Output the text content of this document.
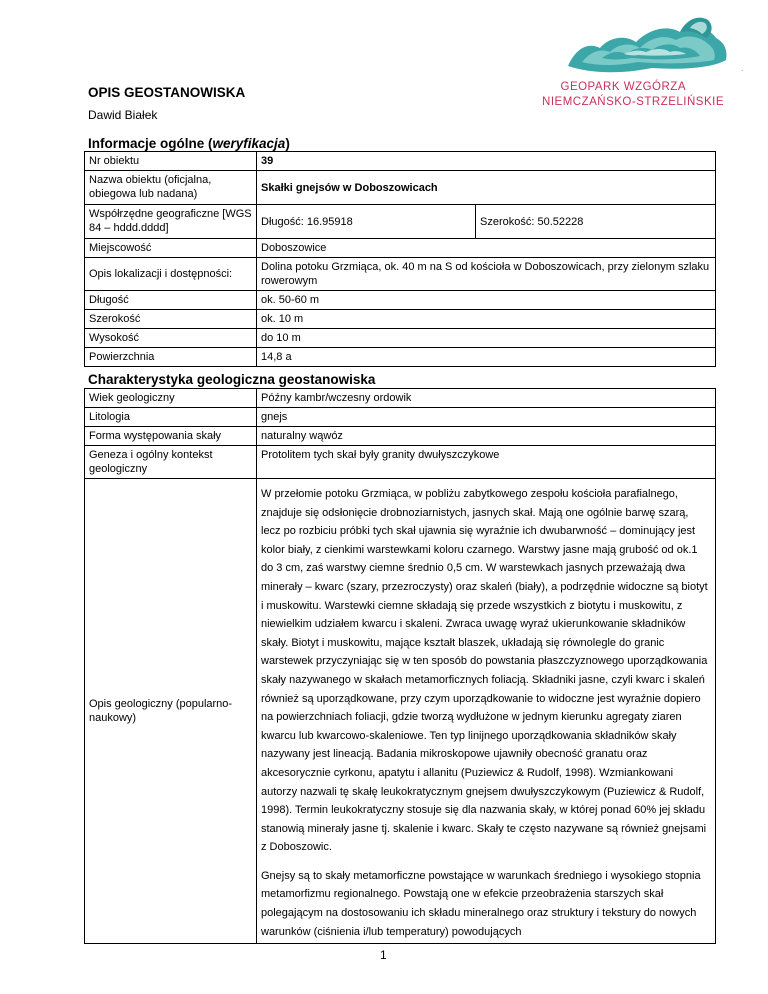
GEOPARK WZGÓRZA
NIEMCZAŃSKO-STRZELIŃSKIE
.
OPIS GEOSTANOWISKA
Dawid Białek
Informacje ogólne (weryfikacja)
Nr obiektu	39	
Nazwa obiektu (oficjalna, obiegowa lub nadana)	Skałki gnejsów w Doboszowicach	
Współrzędne geograficzne [WGS 84 – hddd.dddd]	Długość: 16.95918	Szerokość: 50.52228
Miejscowość	Doboszowice	
Opis lokalizacji i dostępności:	Dolina potoku Grzmiąca, ok. 40 m na S od kościoła w Doboszowicach, przy zielonym szlaku rowerowym	
Długość	ok. 50-60 m	
Szerokość	ok. 10 m	
Wysokość	do 10 m	
Powierzchnia	14,8 a	
Charakterystyka geologiczna geostanowiska
Wiek geologiczny	Późny kambr/wczesny ordowik
Litologia	gnejs
Forma występowania skały	naturalny wąwóz
Geneza i ogólny kontekst geologiczny	Protolitem tych skał były granity dwułyszczykowe
Opis geologiczny (popularno-naukowy)	W przełomie potoku Grzmiąca, w pobliżu zabytkowego zespołu kościoła parafialnego, znajduje się odsłonięcie drobnoziarnistych, jasnych skał. Mają one ogólnie barwę szarą, lecz po rozbiciu próbki tych skał ujawnia się wyraźnie ich dwubarwność – dominujący jest kolor biały, z cienkimi warstewkami koloru czarnego. Warstwy jasne mają grubość od ok.1 do 3 cm, zaś warstwy ciemne średnio 0,5 cm. W warstewkach jasnych przeważają dwa minerały – kwarc (szary, przezroczysty) oraz skaleń (biały), a podrzędnie widoczne są biotyt i muskowitu. Warstewki ciemne składają się przede wszystkich z biotytu i muskowitu, z niewielkim udziałem kwarcu i skaleni. Zwraca uwagę wyraź ukierunkowanie składników skały. Biotyt i muskowitu, mające kształt blaszek, układają się równolegle do granic warstewek przyczyniając się w ten sposób do powstania płaszczyznowego uporządkowania skały nazywanego w skałach metamorficznych foliacją. Składniki jasne, czyli kwarc i skaleń również są uporządkowane, przy czym uporządkowanie to widoczne jest wyraźnie dopiero na powierzchniach foliacji, gdzie tworzą wydłużone w jednym kierunku agregaty ziaren kwarcu lub kwarcowo-skaleniowe. Ten typ linijnego uporządkowania składników skały nazywany jest lineacją. Badania mikroskopowe ujawniły obecność granatu oraz akcesorycznie cyrkonu, apatytu i allanitu (Puziewicz & Rudolf, 1998). Wzmiankowani autorzy nazwali tę skałę leukokratycznym gnejsem dwułyszczykowym (Puziewicz & Rudolf, 1998). Termin leukokratyczny stosuje się dla nazwania skały, w której ponad 60% jej składu stanowią minerały jasne tj. skalenie i kwarc. Skały te często nazywane są również gnejsami z Doboszowic.

Gnejsy są to skały metamorficzne powstające w warunkach średniego i wysokiego stopnia metamorfizmu regionalnego. Powstają one w efekcie przeobrażenia starszych skał polegającym na dostosowaniu ich składu mineralnego oraz struktury i tekstury do nowych warunków (ciśnienia i/lub temperatury) powodujących

1
